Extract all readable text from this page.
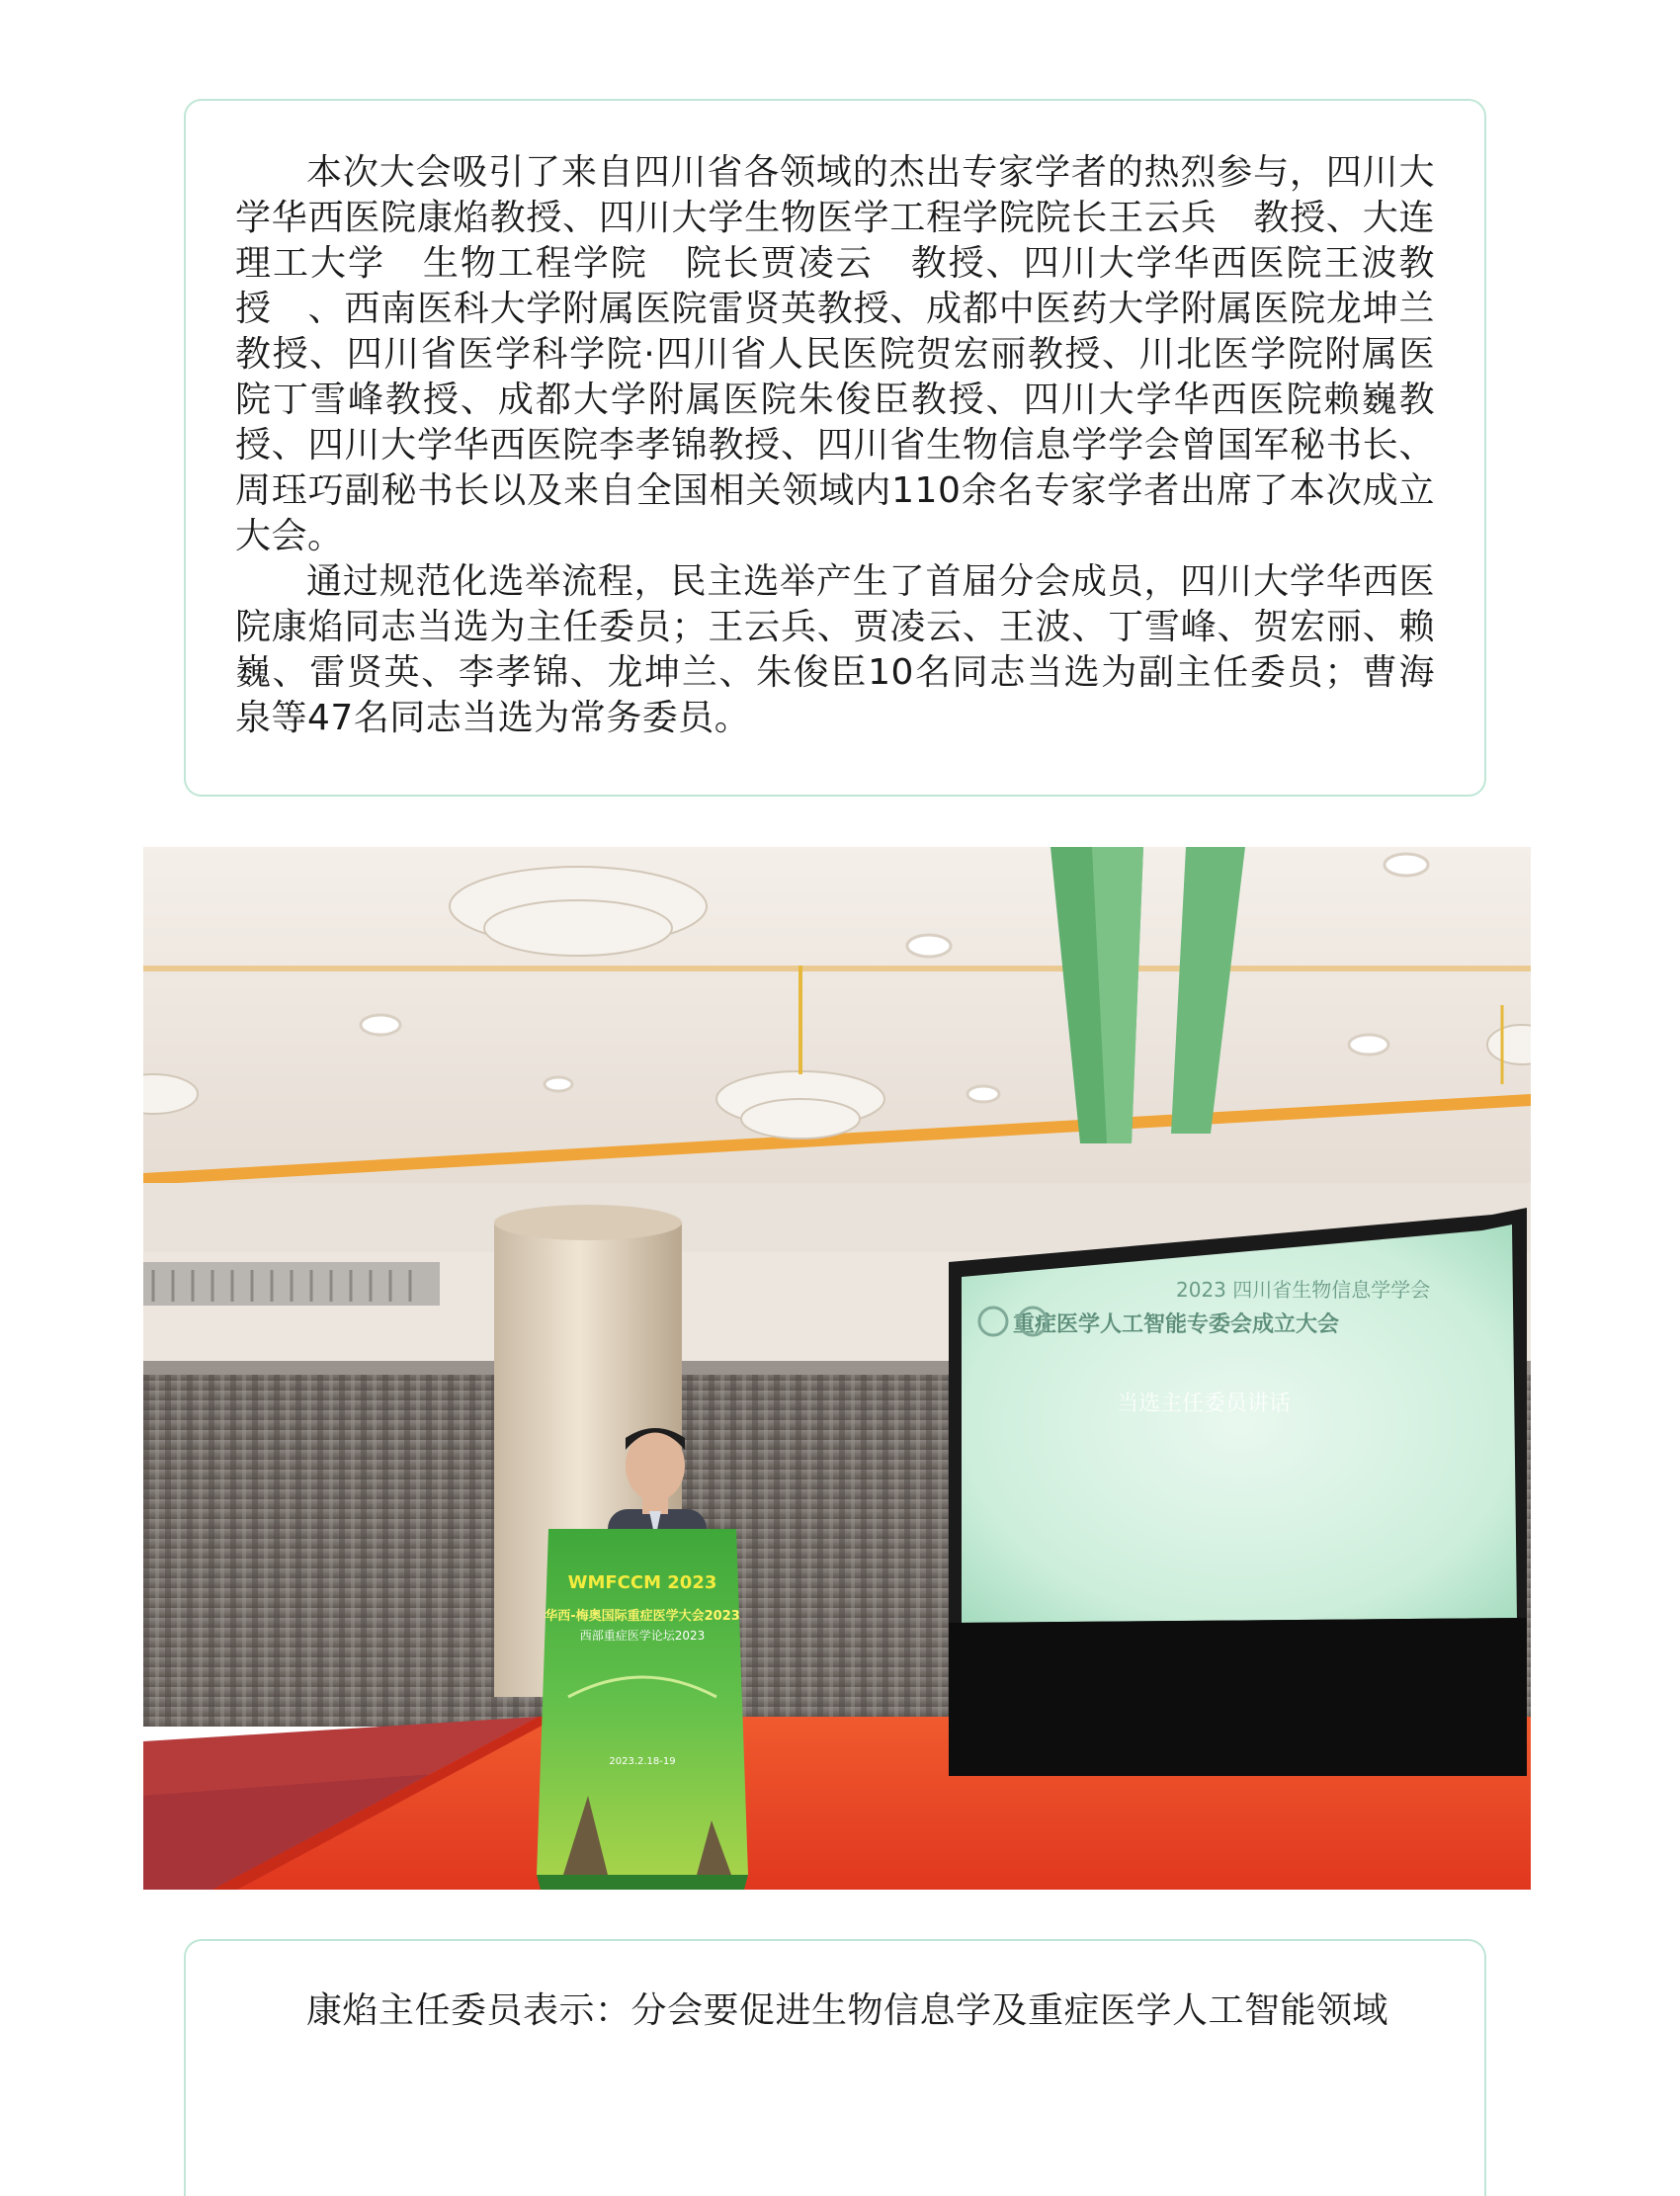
本次大会吸引了来自四川省各领域的杰出专家学者的热烈参与，四川大学华西医院康焰教授、四川大学生物医学工程学院院长王云兵　教授、大连理工大学　生物工程学院　院长贾凌云　教授、四川大学华西医院王波教授　、西南医科大学附属医院雷贤英教授、成都中医药大学附属医院龙坤兰　教授、四川省医学科学院·四川省人民医院贺宏丽教授、川北医学院附属医院丁雪峰教授、成都大学附属医院朱俊臣教授、四川大学华西医院赖巍教授、四川大学华西医院李孝锦教授、四川省生物信息学学会曾国军秘书长、周珏巧副秘书长以及来自全国相关领域内110余名专家学者出席了本次成立大会。

通过规范化选举流程，民主选举产生了首届分会成员，四川大学华西医院康焰同志当选为主任委员；王云兵、贾凌云、王波、丁雪峰、贺宏丽、赖巍、雷贤英、李孝锦、龙坤兰、朱俊臣10名同志当选为副主任委员；曹海泉等47名同志当选为常务委员。

2023 四川省生物信息学学会
重症医学人工智能专委会成立大会
当选主任委员讲话
WMFCCM 2023
华西-梅奥国际重症医学大会2023
西部重症医学论坛2023
2023.2.18-19

康焰主任委员表示：分会要促进生物信息学及重症医学人工智能领域
